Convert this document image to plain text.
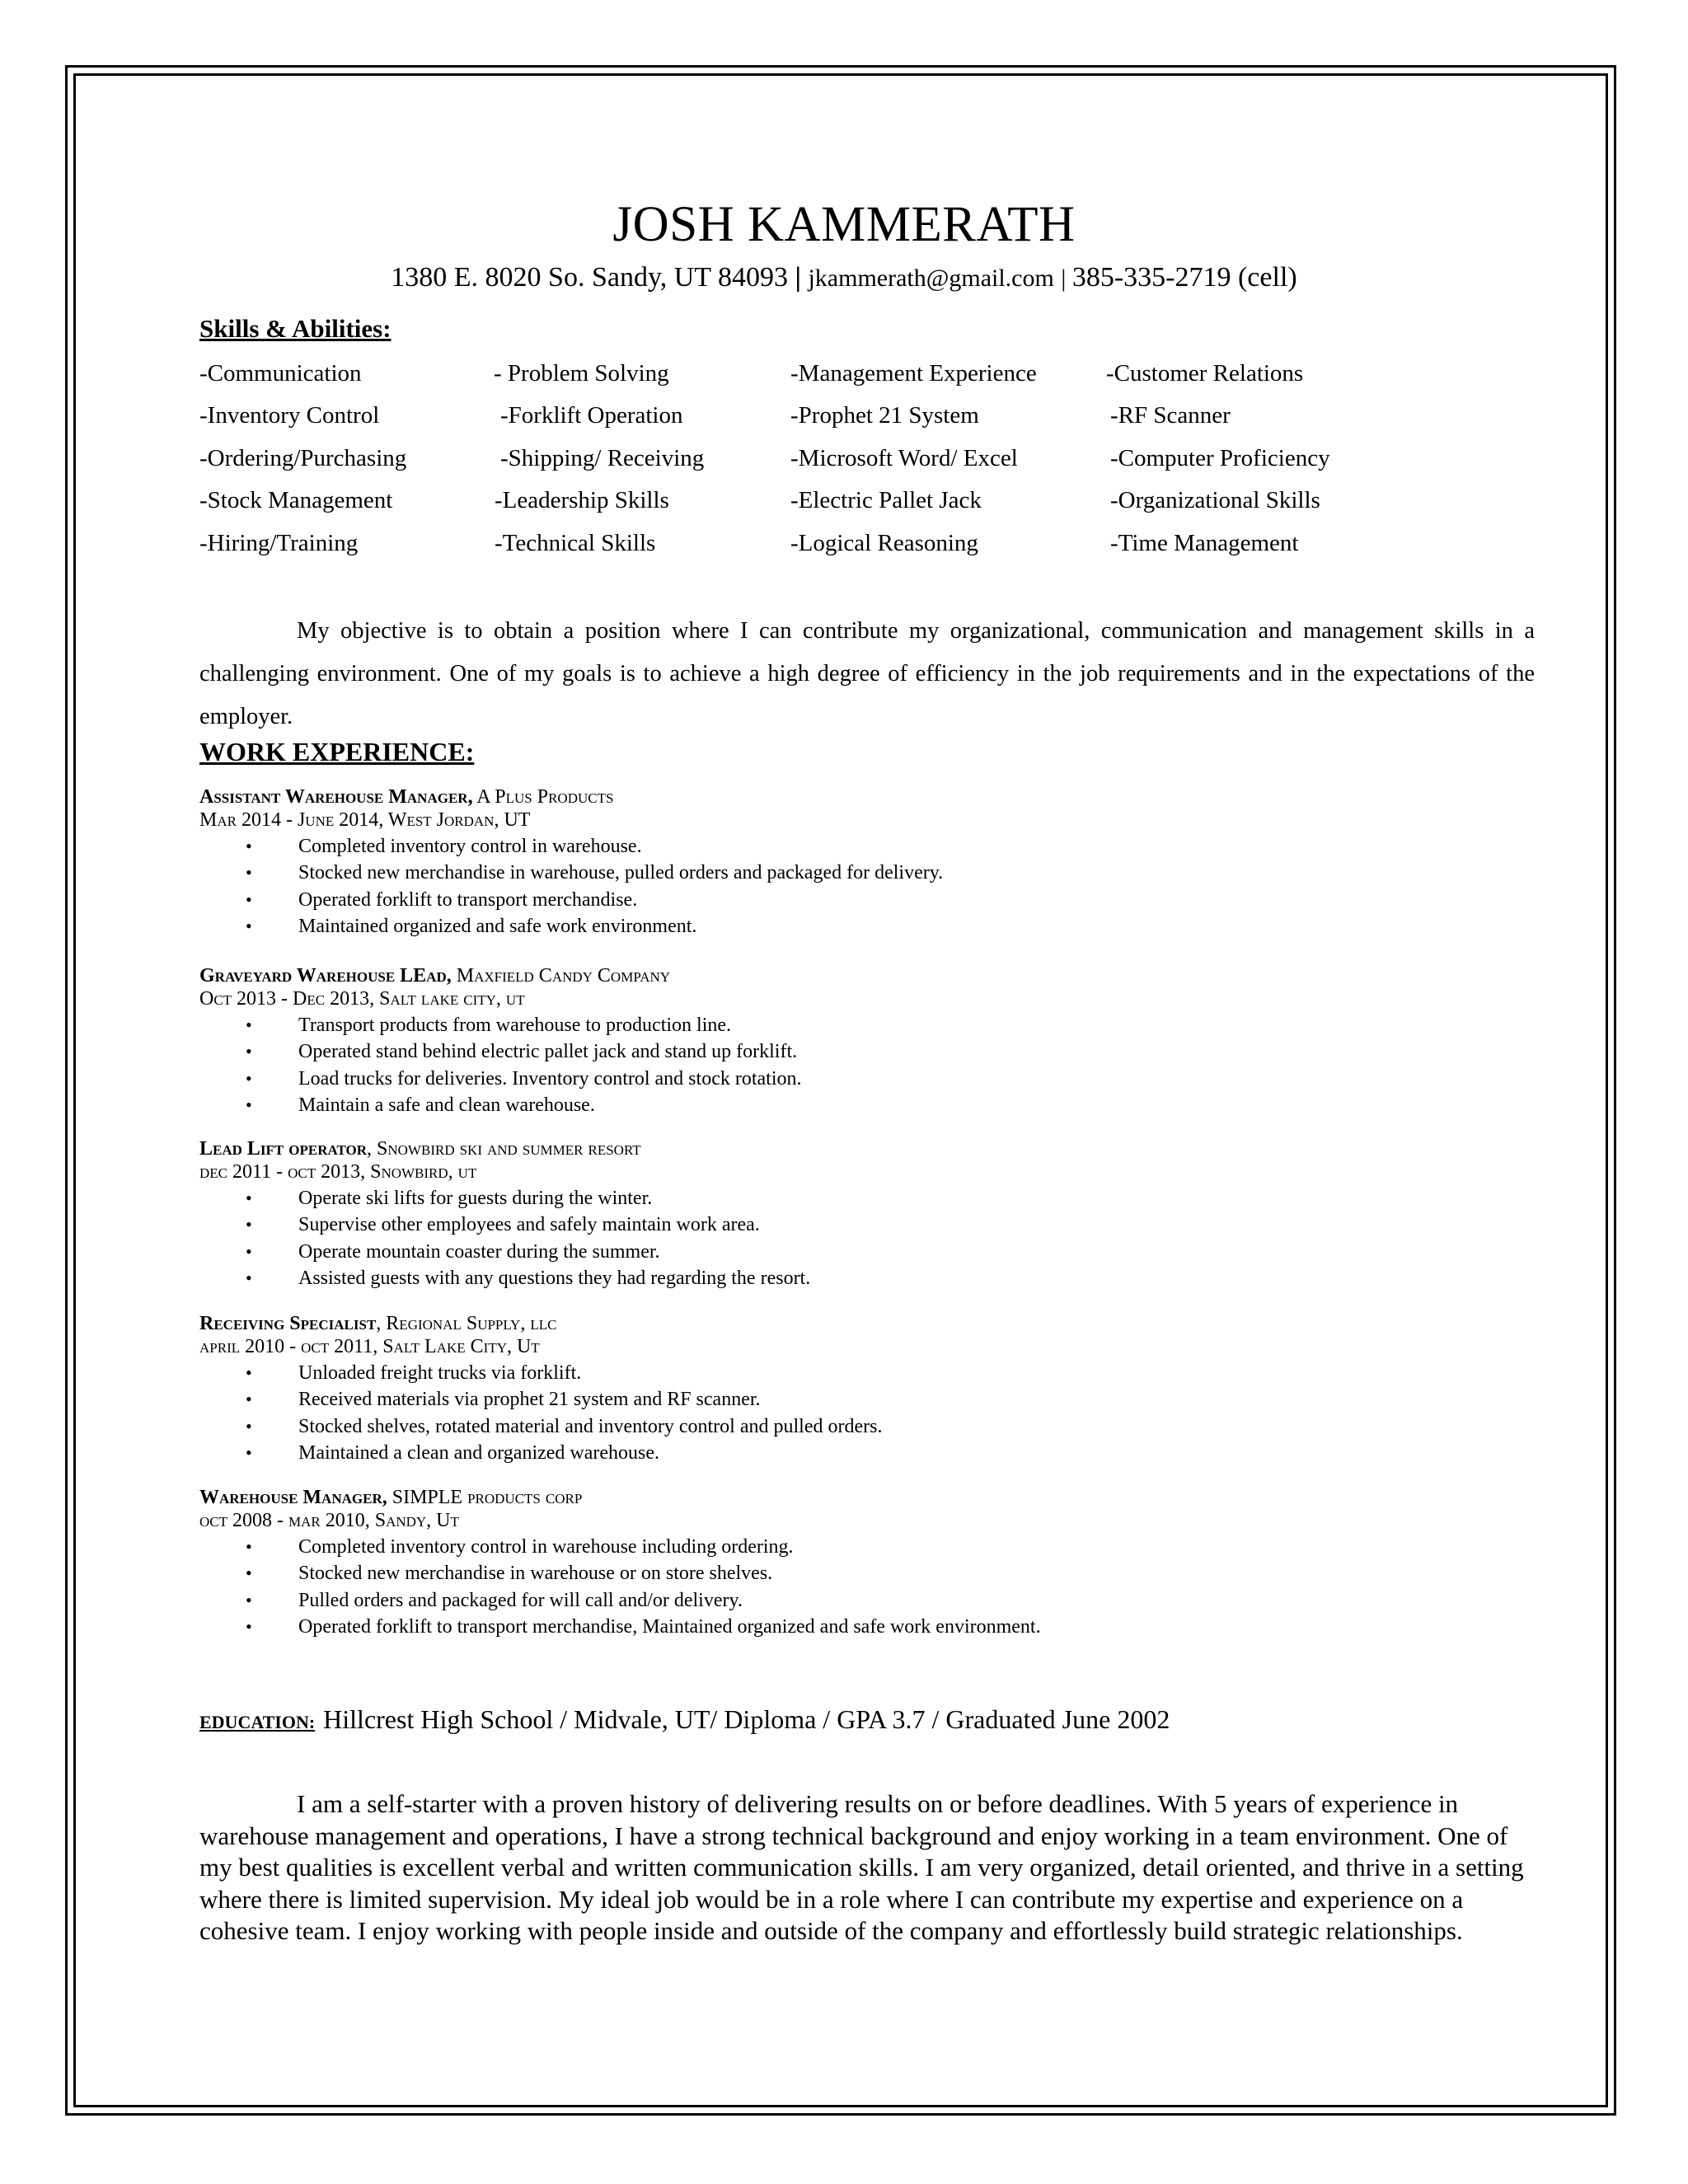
JOSH KAMMERATH
1380 E. 8020 So. Sandy, UT 84093 | jkammerath@gmail.com | 385-335-2719 (cell)
Skills & Abilities:
-Communication
-Inventory Control
-Ordering/Purchasing
-Stock Management
-Hiring/Training
- Problem Solving
-Forklift Operation
-Shipping/ Receiving
-Leadership Skills
-Technical Skills
-Management Experience
-Prophet 21 System
-Microsoft Word/ Excel
-Electric Pallet Jack
-Logical Reasoning
-Customer Relations
-RF Scanner
-Computer Proficiency
-Organizational Skills
-Time Management
My objective is to obtain a position where I can contribute my organizational, communication and management skills in a challenging environment. One of my goals is to achieve a high degree of efficiency in the job requirements and in the expectations of the employer.
WORK EXPERIENCE:
Assistant Warehouse Manager, A Plus Products
Mar 2014 - June 2014, West Jordan, UT
• Completed inventory control in warehouse.
• Stocked new merchandise in warehouse, pulled orders and packaged for delivery.
• Operated forklift to transport merchandise.
• Maintained organized and safe work environment.
Graveyard Warehouse LEad, Maxfield Candy Company
Oct 2013 - Dec 2013, Salt lake city, ut
• Transport products from warehouse to production line.
• Operated stand behind electric pallet jack and stand up forklift.
• Load trucks for deliveries. Inventory control and stock rotation.
• Maintain a safe and clean warehouse.
Lead Lift operator, Snowbird ski and summer resort
dec 2011 - oct 2013, Snowbird, ut
• Operate ski lifts for guests during the winter.
• Supervise other employees and safely maintain work area.
• Operate mountain coaster during the summer.
• Assisted guests with any questions they had regarding the resort.
Receiving Specialist, Regional Supply, llc
april 2010 - oct 2011, Salt Lake City, Ut
• Unloaded freight trucks via forklift.
• Received materials via prophet 21 system and RF scanner.
• Stocked shelves, rotated material and inventory control and pulled orders.
• Maintained a clean and organized warehouse.
Warehouse Manager, SIMPLE products corp
oct 2008 - mar 2010, Sandy, Ut
• Completed inventory control in warehouse including ordering.
• Stocked new merchandise in warehouse or on store shelves.
• Pulled orders and packaged for will call and/or delivery.
• Operated forklift to transport merchandise, Maintained organized and safe work environment.
EDUCATION: Hillcrest High School / Midvale, UT/ Diploma / GPA 3.7 / Graduated June 2002
I am a self-starter with a proven history of delivering results on or before deadlines. With 5 years of experience in warehouse management and operations, I have a strong technical background and enjoy working in a team environment. One of my best qualities is excellent verbal and written communication skills. I am very organized, detail oriented, and thrive in a setting where there is limited supervision. My ideal job would be in a role where I can contribute my expertise and experience on a cohesive team. I enjoy working with people inside and outside of the company and effortlessly build strategic relationships.
